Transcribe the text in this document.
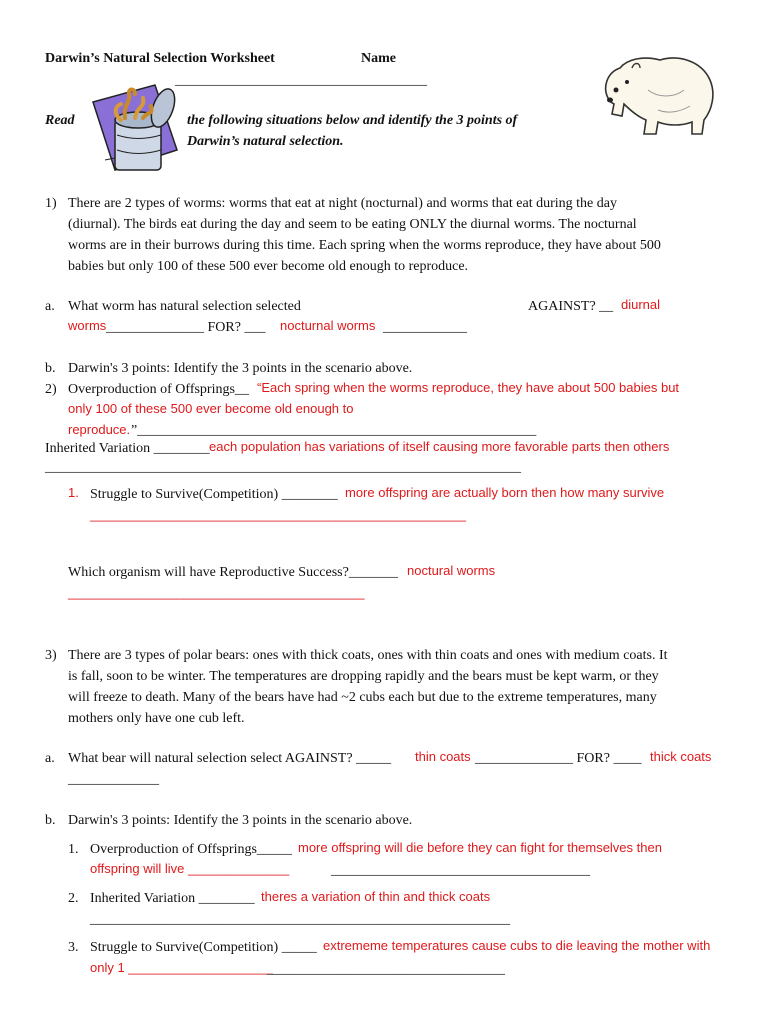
Darwin’s Natural Selection Worksheet	Name
____________________________________
Read	the following situations below and identify the 3 points of
Darwin’s natural selection.
1) There are 2 types of worms: worms that eat at night (nocturnal) and worms that eat during the day
(diurnal). The birds eat during the day and seem to be eating ONLY the diurnal worms. The nocturnal
worms are in their burrows during this time. Each spring when the worms reproduce, they have about 500
babies but only 100 of these 500 ever become old enough to reproduce.
a. What worm has natural selection selected	AGAINST? __ diurnal
worms ______________ FOR? ___ nocturnal worms ____________
b. Darwin's 3 points: Identify the 3 points in the scenario above.
2) Overproduction of Offsprings__ “Each spring when the worms reproduce, they have about 500 babies but
only 100 of these 500 ever become old enough to
reproduce. ”_________________________________________________________
Inherited Variation ________ each population has variations of itself causing more favorable parts then others
____________________________________________________________________
1. Struggle to Survive(Competition) ________ more offspring are actually born then how many survive
____________________________________________________
Which organism will have Reproductive Success?_______ noctural worms
_________________________________________
3) There are 3 types of polar bears: ones with thick coats, ones with thin coats and ones with medium coats. It
is fall, soon to be winter. The temperatures are dropping rapidly and the bears must be kept warm, or they
will freeze to death. Many of the bears have had ~2 cubs each but due to the extreme temperatures, many
mothers only have one cub left.
a. What bear will natural selection select AGAINST? _____ thin coats ______________ FOR? ____ thick coats
_____________
b. Darwin's 3 points: Identify the 3 points in the scenario above.
1. Overproduction of Offsprings_____ more offspring will die before they can fight for themselves then
offspring will live ______________	_____________________________________
2. Inherited Variation ________ theres a variation of thin and thick coats
____________________________________________________________
3. Struggle to Survive(Competition) _____ extrememe temperatures cause cubs to die leaving the mother with
only 1 ____________________
__________________________________
